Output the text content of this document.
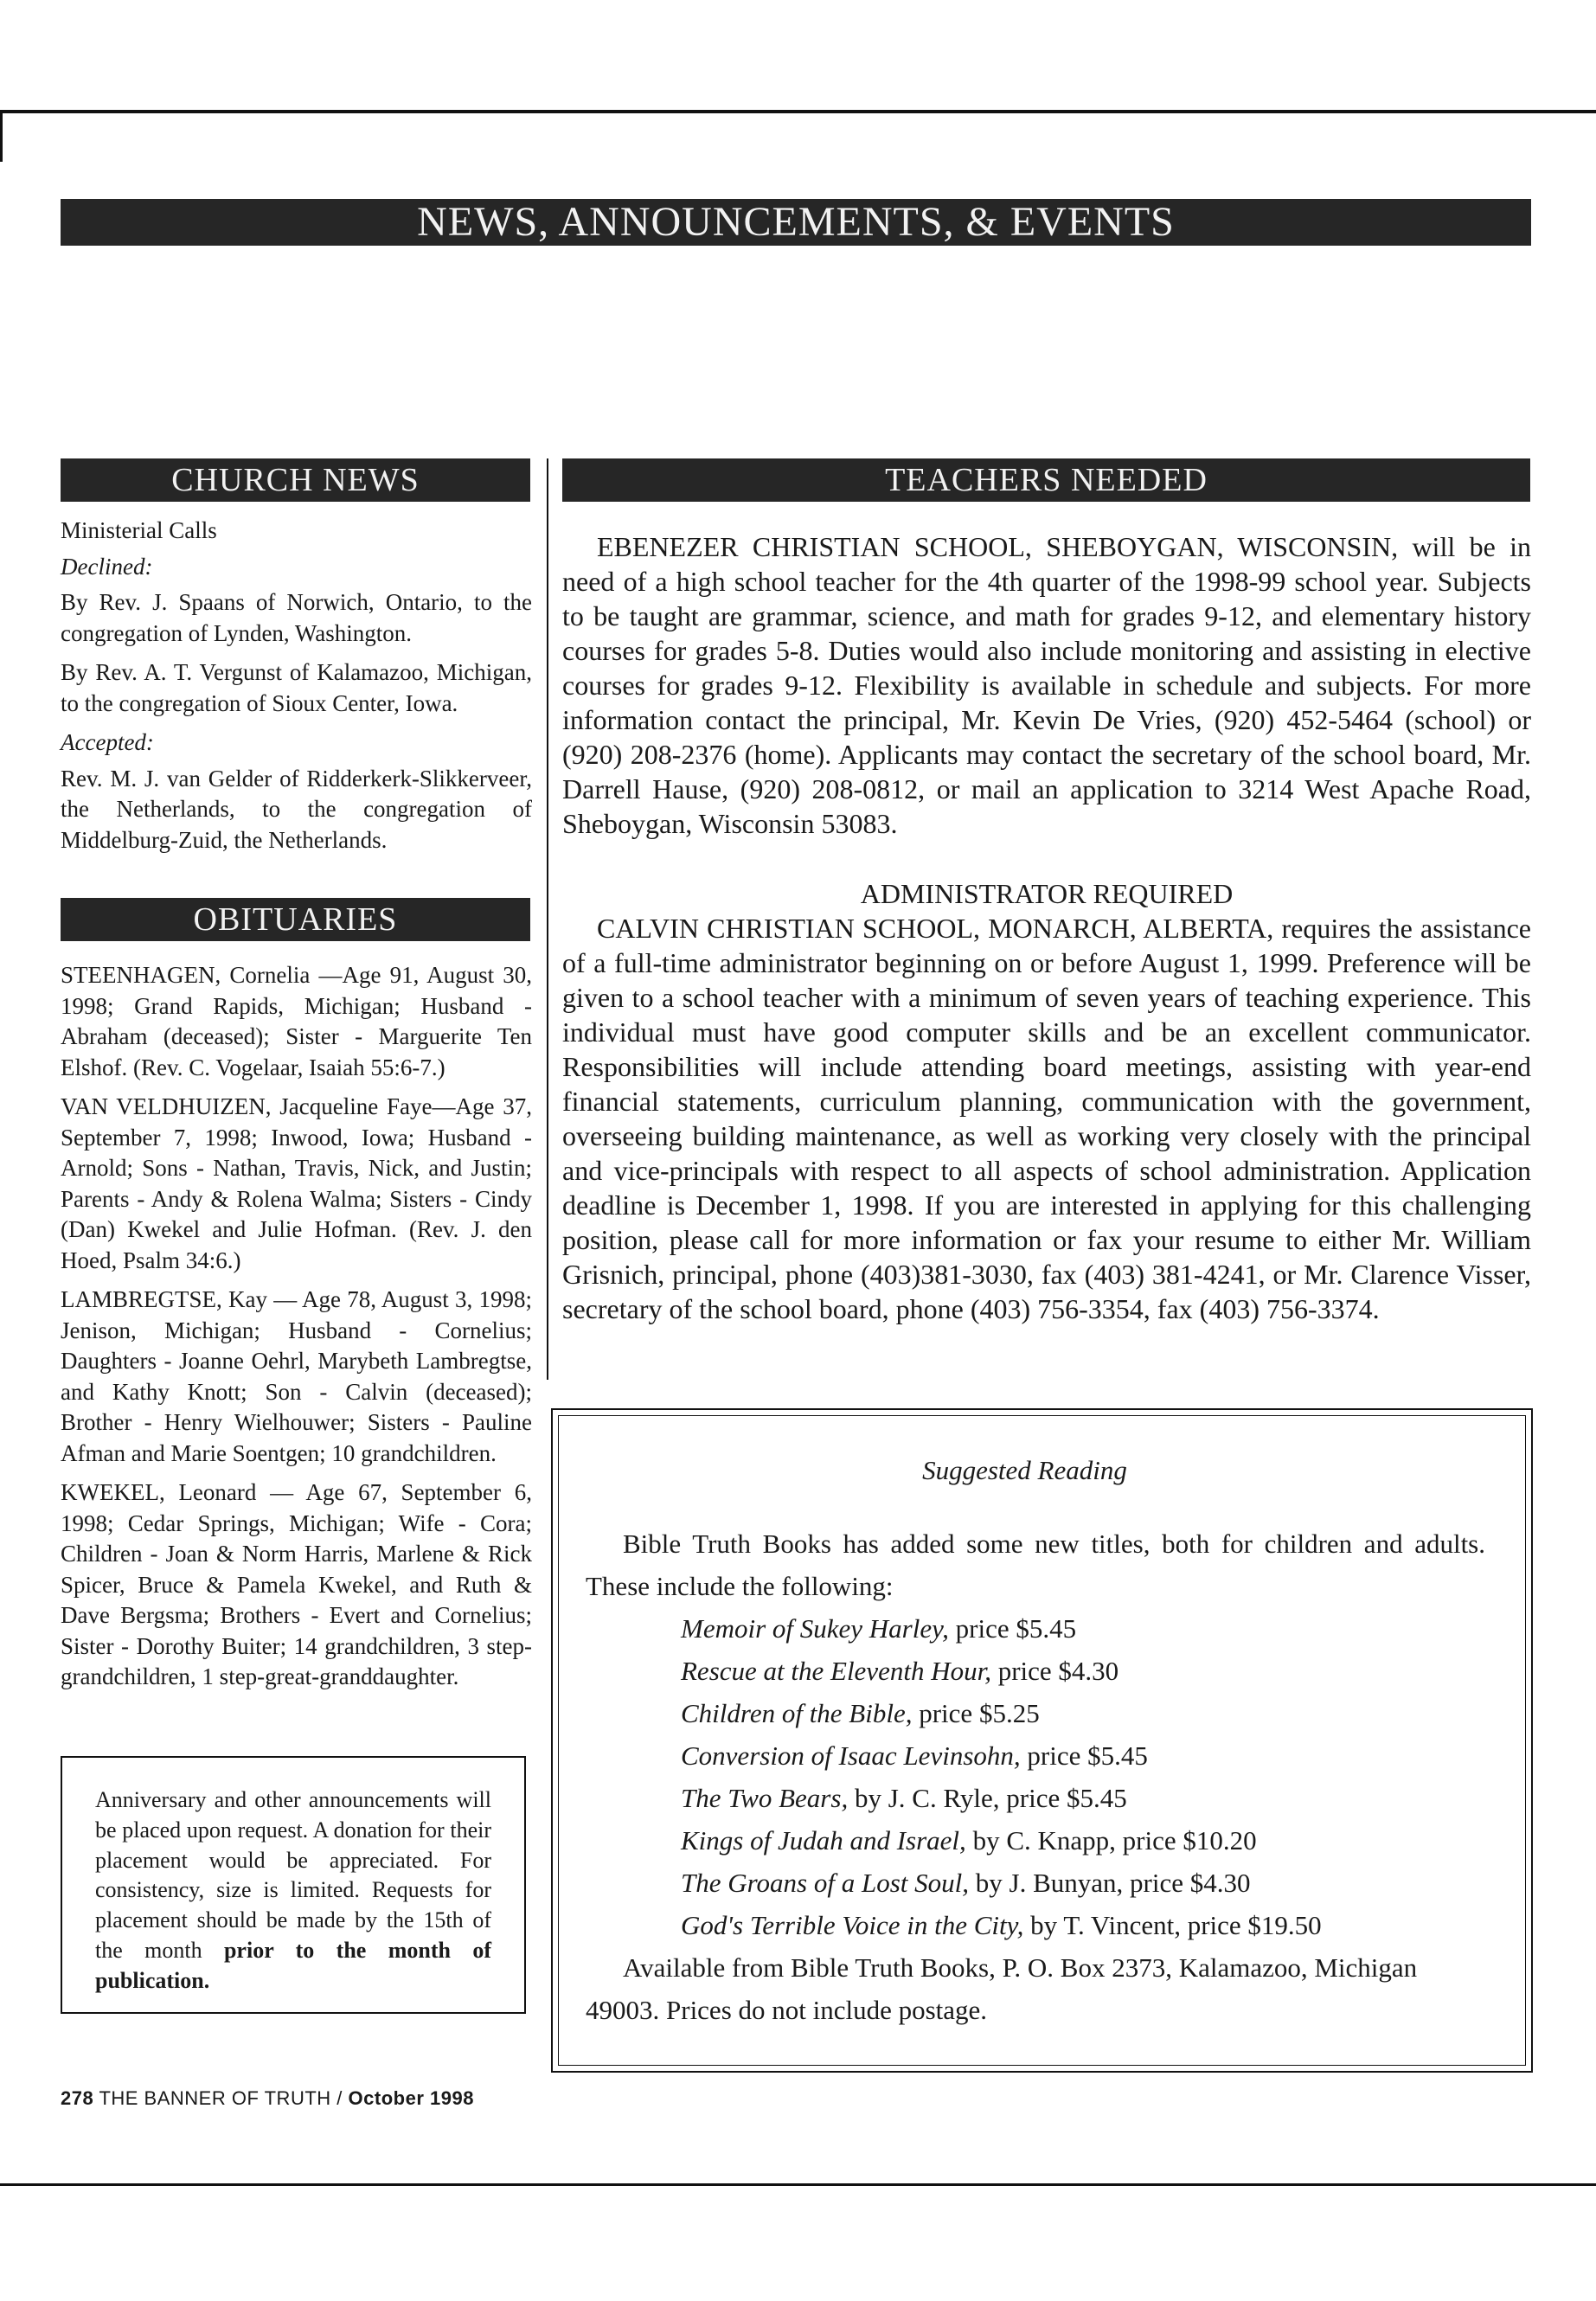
NEWS, ANNOUNCEMENTS, & EVENTS
CHURCH NEWS

Ministerial Calls

Declined:

By Rev. J. Spaans of Norwich, Ontario, to the congregation of Lynden, Washington.

By Rev. A. T. Vergunst of Kalamazoo, Michigan, to the congregation of Sioux Center, Iowa.

Accepted:

Rev. M. J. van Gelder of Ridderkerk-Slikkerveer, the Netherlands, to the congregation of Middelburg-Zuid, the Netherlands.

OBITUARIES

STEENHAGEN, Cornelia —Age 91, August 30, 1998; Grand Rapids, Michigan; Husband - Abraham (deceased); Sister - Marguerite Ten Elshof. (Rev. C. Vogelaar, Isaiah 55:6-7.)

VAN VELDHUIZEN, Jacqueline Faye—Age 37, September 7, 1998; Inwood, Iowa; Husband - Arnold; Sons - Nathan, Travis, Nick, and Justin; Parents - Andy & Rolena Walma; Sisters - Cindy (Dan) Kwekel and Julie Hofman. (Rev. J. den Hoed, Psalm 34:6.)

LAMBREGTSE, Kay — Age 78, August 3, 1998; Jenison, Michigan; Husband - Cornelius; Daughters - Joanne Oehrl, Marybeth Lambregtse, and Kathy Knott; Son - Calvin (deceased); Brother - Henry Wielhouwer; Sisters - Pauline Afman and Marie Soentgen; 10 grandchildren.

KWEKEL, Leonard — Age 67, September 6, 1998; Cedar Springs, Michigan; Wife - Cora; Children - Joan & Norm Harris, Marlene & Rick Spicer, Bruce & Pamela Kwekel, and Ruth & Dave Bergsma; Brothers - Evert and Cornelius; Sister - Dorothy Buiter; 14 grandchildren, 3 step-grandchildren, 1 step-great-granddaughter.

Anniversary and other announcements will be placed upon request. A donation for their placement would be appreciated. For consistency, size is limited. Requests for placement should be made by the 15th of the month prior to the month of publication.
TEACHERS NEEDED

EBENEZER CHRISTIAN SCHOOL, SHEBOYGAN, WISCONSIN, will be in need of a high school teacher for the 4th quarter of the 1998-99 school year. Subjects to be taught are grammar, science, and math for grades 9-12, and elementary history courses for grades 5-8. Duties would also include monitoring and assisting in elective courses for grades 9-12. Flexibility is available in schedule and subjects. For more information contact the principal, Mr. Kevin De Vries, (920) 452-5464 (school) or (920) 208-2376 (home). Applicants may contact the secretary of the school board, Mr. Darrell Hause, (920) 208-0812, or mail an application to 3214 West Apache Road, Sheboygan, Wisconsin 53083.

ADMINISTRATOR REQUIRED

CALVIN CHRISTIAN SCHOOL, MONARCH, ALBERTA, requires the assistance of a full-time administrator beginning on or before August 1, 1999. Preference will be given to a school teacher with a minimum of seven years of teaching experience. This individual must have good computer skills and be an excellent communicator. Responsibilities will include attending board meetings, assisting with year-end financial statements, curriculum planning, communication with the government, overseeing building maintenance, as well as working very closely with the principal and vice-principals with respect to all aspects of school administration. Application deadline is December 1, 1998. If you are interested in applying for this challenging position, please call for more information or fax your resume to either Mr. William Grisnich, principal, phone (403)381-3030, fax (403) 381-4241, or Mr. Clarence Visser, secretary of the school board, phone (403) 756-3354, fax (403) 756-3374.

Suggested Reading

Bible Truth Books has added some new titles, both for children and adults. These include the following:

Memoir of Sukey Harley, price $5.45
Rescue at the Eleventh Hour, price $4.30
Children of the Bible, price $5.25
Conversion of Isaac Levinsohn, price $5.45
The Two Bears, by J. C. Ryle, price $5.45
Kings of Judah and Israel, by C. Knapp, price $10.20
The Groans of a Lost Soul, by J. Bunyan, price $4.30
God's Terrible Voice in the City, by T. Vincent, price $19.50

Available from Bible Truth Books, P. O. Box 2373, Kalamazoo, Michigan 49003. Prices do not include postage.

278 THE BANNER OF TRUTH / October 1998
